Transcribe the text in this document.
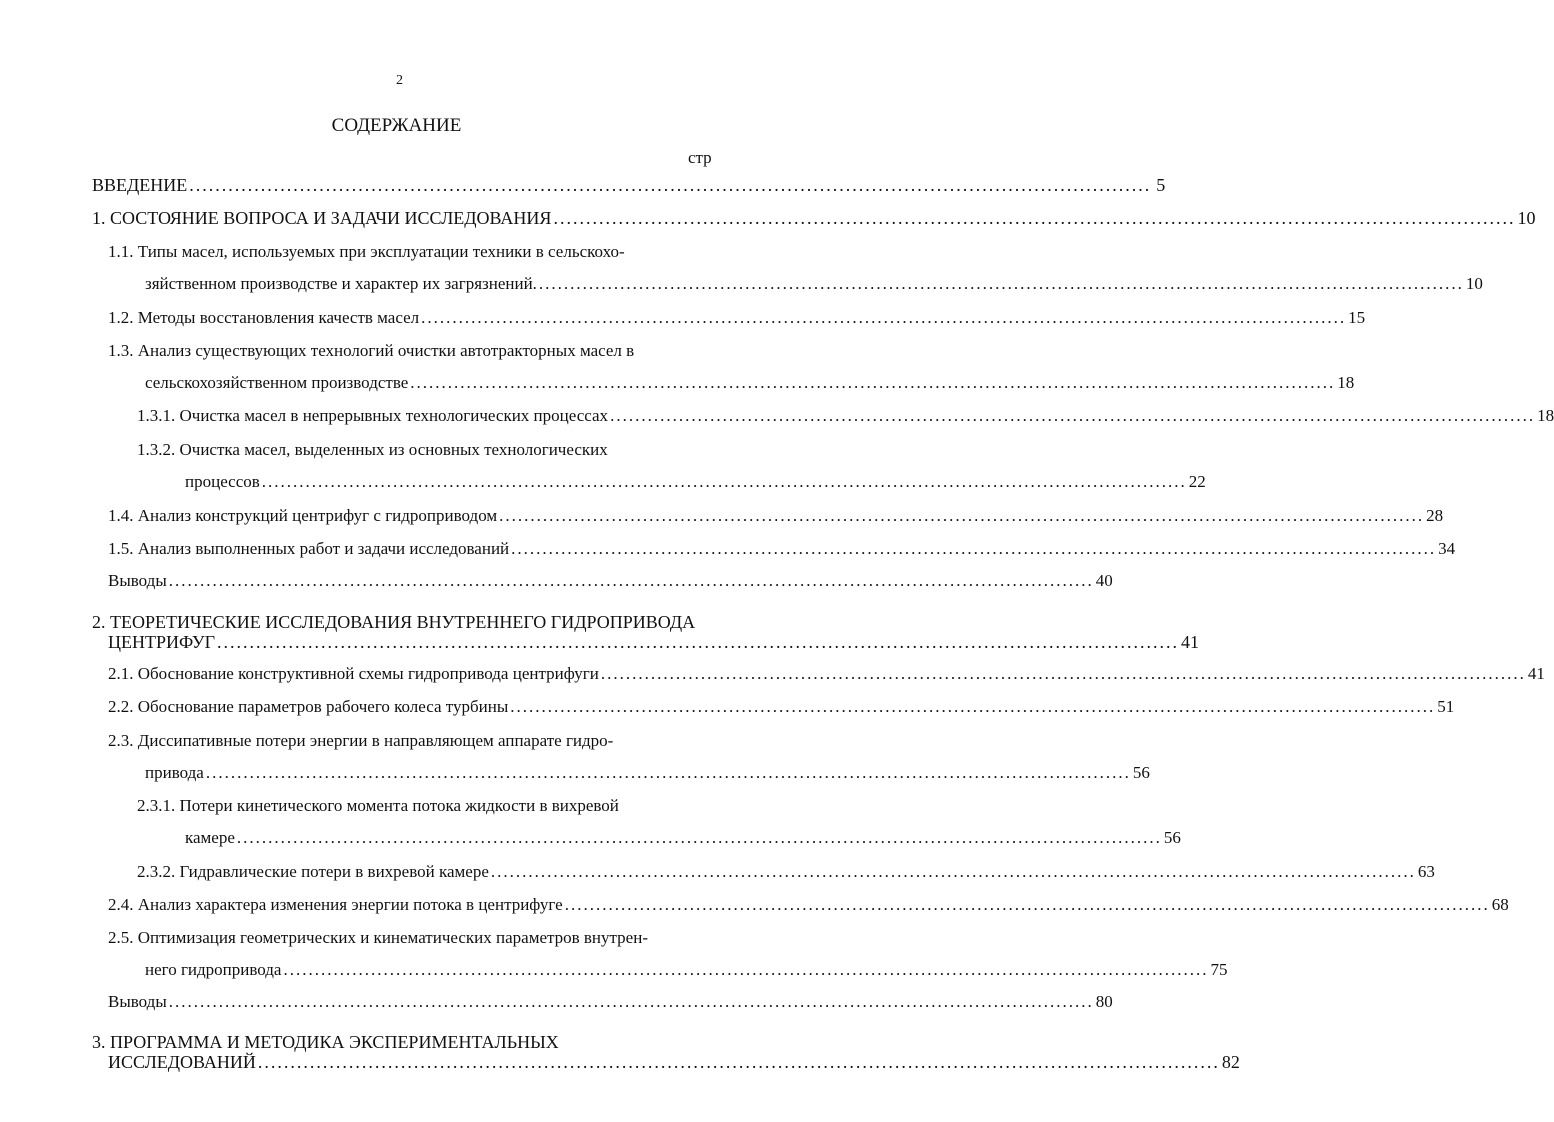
2
СОДЕРЖАНИЕ
стр
ВВЕДЕНИЕ .................................................................................................................................................... 5
1. СОСТОЯНИЕ ВОПРОСА И ЗАДАЧИ ИССЛЕДОВАНИЯ .................................................................................................................................................... 10
1.1. Типы масел, используемых при эксплуатации техники в сельскохо-
зяйственном производстве и характер их загрязнений. .................................................................................................................................................... 10
1.2. Методы восстановления качеств масел .................................................................................................................................................... 15
1.3. Анализ существующих технологий очистки автотракторных масел в
сельскохозяйственном производстве .................................................................................................................................................... 18
1.3.1. Очистка масел в непрерывных технологических процессах .................................................................................................................................................... 18
1.3.2. Очистка масел, выделенных из основных технологических
процессов .................................................................................................................................................... 22
1.4. Анализ конструкций центрифуг с гидроприводом .................................................................................................................................................... 28
1.5. Анализ выполненных работ и задачи исследований .................................................................................................................................................... 34
Выводы .................................................................................................................................................... 40
2. ТЕОРЕТИЧЕСКИЕ ИССЛЕДОВАНИЯ ВНУТРЕННЕГО ГИДРОПРИВОДА
ЦЕНТРИФУГ .................................................................................................................................................... 41
2.1. Обоснование конструктивной схемы гидропривода центрифуги .................................................................................................................................................... 41
2.2. Обоснование параметров рабочего колеса турбины .................................................................................................................................................... 51
2.3. Диссипативные потери энергии в направляющем аппарате гидро-
привода .................................................................................................................................................... 56
2.3.1. Потери кинетического момента потока жидкости в вихревой
камере .................................................................................................................................................... 56
2.3.2. Гидравлические потери в вихревой камере .................................................................................................................................................... 63
2.4. Анализ характера изменения энергии потока в центрифуге .................................................................................................................................................... 68
2.5. Оптимизация геометрических и кинематических параметров внутрен-
него гидропривода .................................................................................................................................................... 75
Выводы .................................................................................................................................................... 80
3. ПРОГРАММА И МЕТОДИКА ЭКСПЕРИМЕНТАЛЬНЫХ
ИССЛЕДОВАНИЙ .................................................................................................................................................... 82
